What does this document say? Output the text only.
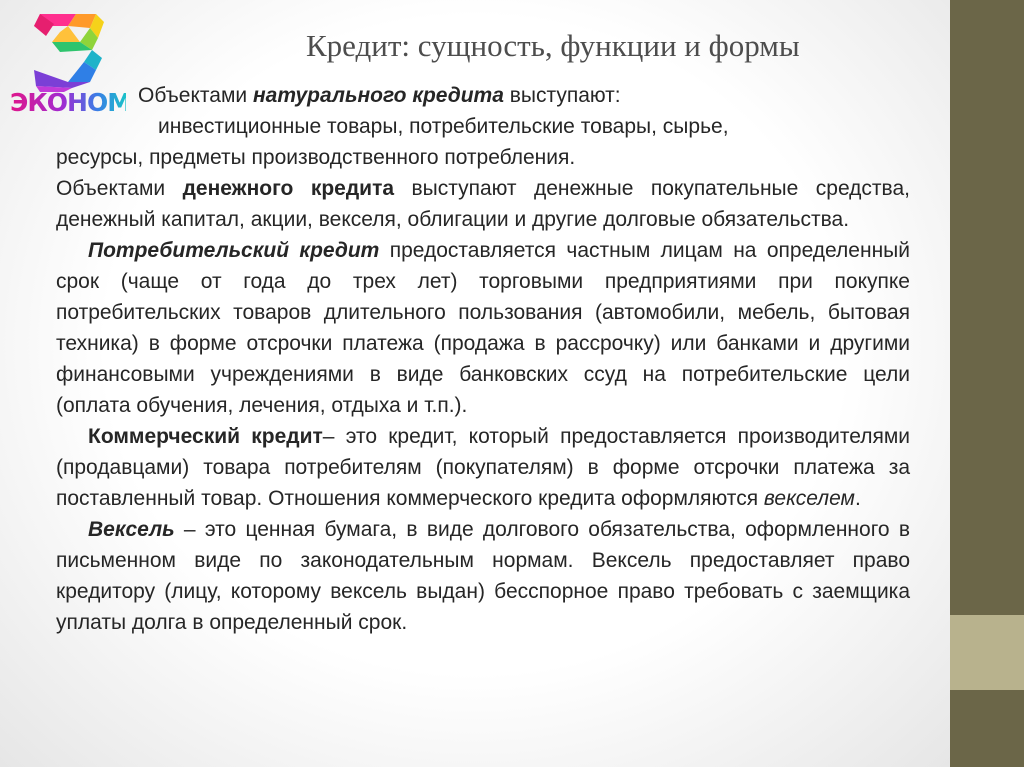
ЭКОНОМ
Кредит: сущность, функции и формы

Объектами натурального кредита выступают:

инвестиционные товары, потребительские товары, сырье,

ресурсы, предметы производственного потребления.

Объектами денежного кредита выступают денежные покупательные средства, денежный капитал, акции, векселя, облигации и другие долговые обязательства.

Потребительский кредит предоставляется частным лицам на определенный срок (чаще от года до трех лет) торговыми предприятиями при покупке потребительских товаров длительного пользования (автомобили, мебель, бытовая техника) в форме отсрочки платежа (продажа в рассрочку) или банками и другими финансовыми учреждениями в виде банковских ссуд на потребительские цели (оплата обучения, лечения, отдыха и т.п.).

Коммерческий кредит– это кредит, который предоставляется производителями (продавцами) товара потребителям (покупателям) в форме отсрочки платежа за поставленный товар. Отношения коммерческого кредита оформляются векселем.

Вексель – это ценная бумага, в виде долгового обязательства, оформленного в письменном виде по законодательным нормам. Вексель предоставляет право кредитору (лицу, которому вексель выдан) бесспорное право требовать с заемщика уплаты долга в определенный срок.
